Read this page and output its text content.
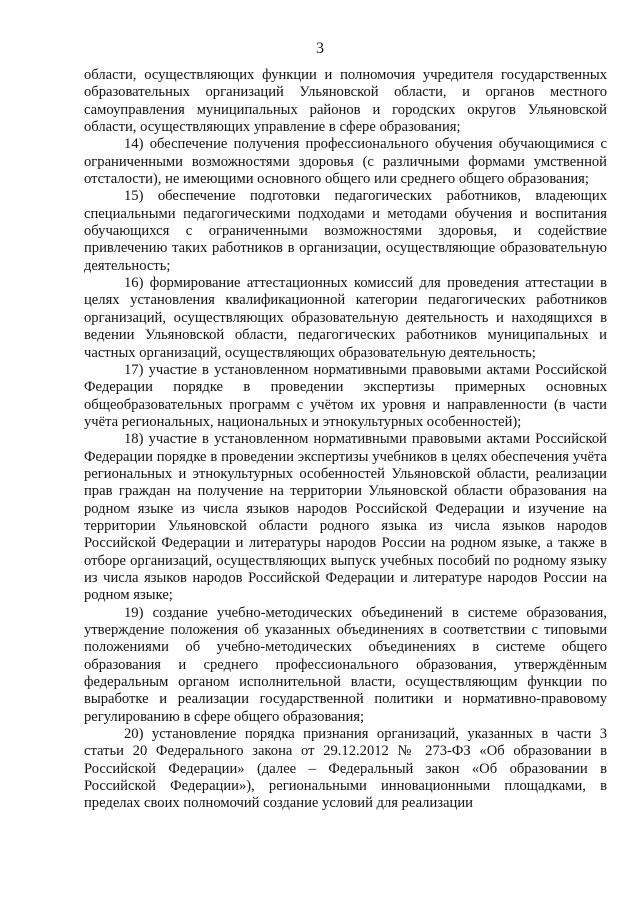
3

области, осуществляющих функции и полномочия учредителя государственных образовательных организаций Ульяновской области, и органов местного самоуправления муниципальных районов и городских округов Ульяновской области, осуществляющих управление в сфере образования;

14) обеспечение получения профессионального обучения обучающимися с ограниченными возможностями здоровья (с различными формами умственной отсталости), не имеющими основного общего или среднего общего образования;

15) обеспечение подготовки педагогических работников, владеющих специальными педагогическими подходами и методами обучения и воспитания обучающихся с ограниченными возможностями здоровья, и содействие привлечению таких работников в организации, осуществляющие образовательную деятельность;

16) формирование аттестационных комиссий для проведения аттестации в целях установления квалификационной категории педагогических работников организаций, осуществляющих образовательную деятельность и находящихся в ведении Ульяновской области, педагогических работников муниципальных и частных организаций, осуществляющих образовательную деятельность;

17) участие в установленном нормативными правовыми актами Российской Федерации порядке в проведении экспертизы примерных основных общеобразовательных программ с учётом их уровня и направленности (в части учёта региональных, национальных и этнокультурных особенностей);

18) участие в установленном нормативными правовыми актами Российской Федерации порядке в проведении экспертизы учебников в целях обеспечения учёта региональных и этнокультурных особенностей Ульяновской области, реализации прав граждан на получение на территории Ульяновской области образования на родном языке из числа языков народов Российской Федерации и изучение на территории Ульяновской области родного языка из числа языков народов Российской Федерации и литературы народов России на родном языке, а также в отборе организаций, осуществляющих выпуск учебных пособий по родному языку из числа языков народов Российской Федерации и литературе народов России на родном языке;

19) создание учебно-методических объединений в системе образования, утверждение положения об указанных объединениях в соответствии с типовыми положениями об учебно-методических объединениях в системе общего образования и среднего профессионального образования, утверждённым федеральным органом исполнительной власти, осуществляющим функции по выработке и реализации государственной политики и нормативно-правовому регулированию в сфере общего образования;

20) установление порядка признания организаций, указанных в части 3 статьи 20 Федерального закона от 29.12.2012 № 273-ФЗ «Об образовании в Российской Федерации» (далее – Федеральный закон «Об образовании в Российской Федерации»), региональными инновационными площадками, в пределах своих полномочий создание условий для реализации
